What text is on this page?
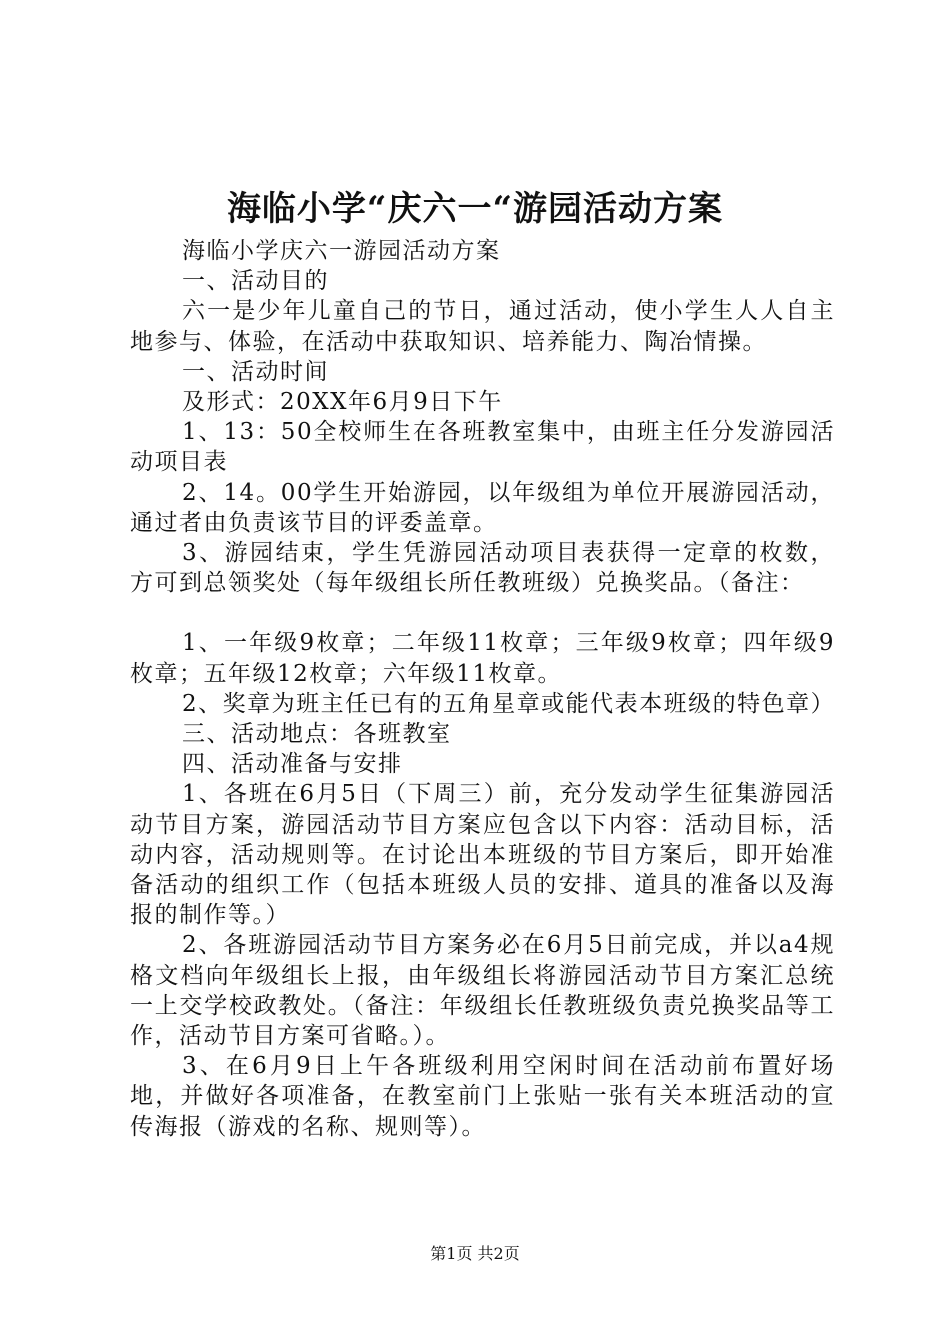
海临小学“庆六一“游园活动方案

海临小学庆六一游园活动方案

一、活动目的

六一是少年儿童自己的节日，通过活动，使小学生人人自主地参与、体验，在活动中获取知识、培养能力、陶冶情操。

一、活动时间

及形式：20XX年6月9日下午

1、13：50全校师生在各班教室集中，由班主任分发游园活动项目表

2、14。00学生开始游园，以年级组为单位开展游园活动，通过者由负责该节目的评委盖章。

3、游园结束，学生凭游园活动项目表获得一定章的枚数，方可到总领奖处（每年级组长所任教班级）兑换奖品。（备注：

1、一年级9枚章；二年级11枚章；三年级9枚章；四年级9枚章；五年级12枚章；六年级11枚章。

2、奖章为班主任已有的五角星章或能代表本班级的特色章）

三、活动地点：各班教室

四、活动准备与安排

1、各班在6月5日（下周三）前，充分发动学生征集游园活动节目方案，游园活动节目方案应包含以下内容：活动目标，活动内容，活动规则等。在讨论出本班级的节目方案后，即开始准备活动的组织工作（包括本班级人员的安排、道具的准备以及海报的制作等。）

2、各班游园活动节目方案务必在6月5日前完成，并以a4规格文档向年级组长上报，由年级组长将游园活动节目方案汇总统一上交学校政教处。（备注：年级组长任教班级负责兑换奖品等工作，活动节目方案可省略。）。

3、在6月9日上午各班级利用空闲时间在活动前布置好场地，并做好各项准备，在教室前门上张贴一张有关本班活动的宣传海报（游戏的名称、规则等）。

第1页 共2页
